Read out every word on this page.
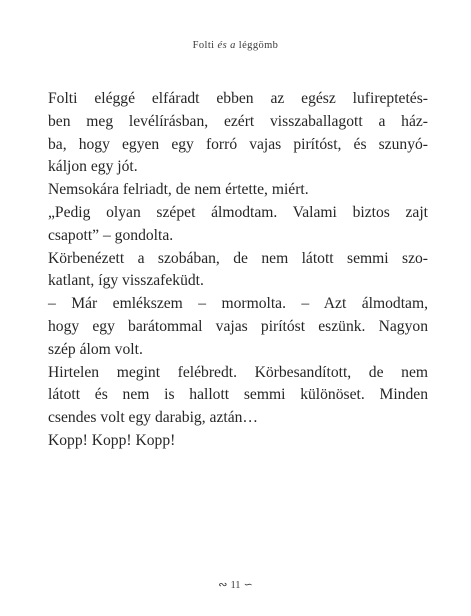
Folti és a léggömb

Folti eléggé elfáradt ebben az egész lufireptetés-

ben meg levélírásban, ezért visszaballagott a ház-

ba, hogy egyen egy forró vajas pirítóst, és szunyó-

káljon egy jót.

Nemsokára felriadt, de nem értette, miért.

„Pedig olyan szépet álmodtam. Valami biztos zajt

csapott” – gondolta.

Körbenézett a szobában, de nem látott semmi szo-

katlant, így visszafeküdt.

– Már emlékszem – mormolta. – Azt álmodtam,

hogy egy barátommal vajas pirítóst eszünk. Nagyon

szép álom volt.

Hirtelen megint felébredt. Körbesandított, de nem

látott és nem is hallott semmi különöset. Minden

csendes volt egy darabig, aztán…

Kopp! Kopp! Kopp!

∾ 11 ∽
